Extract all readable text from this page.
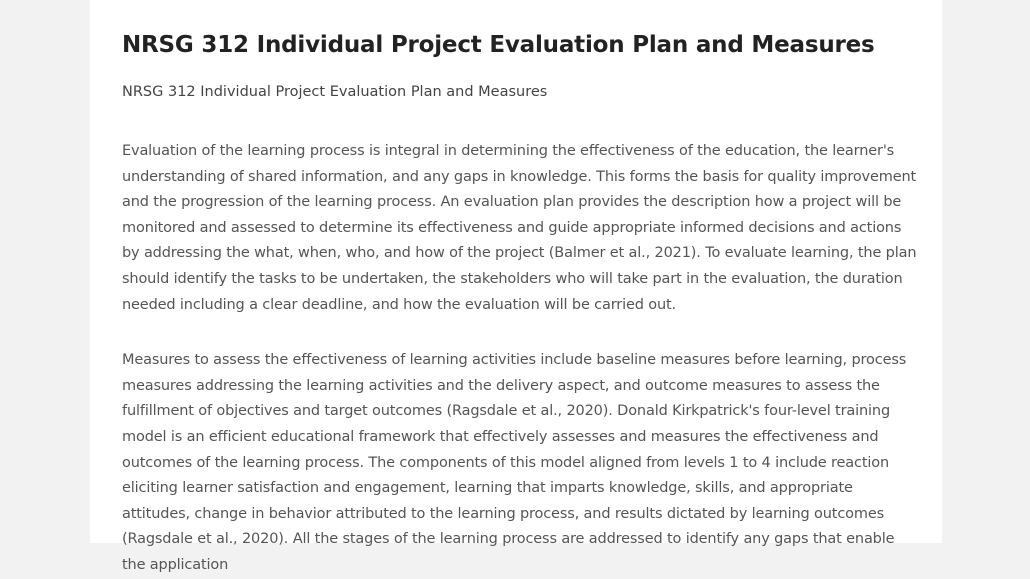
NRSG 312 Individual Project Evaluation Plan and Measures

NRSG 312 Individual Project Evaluation Plan and Measures

Evaluation of the learning process is integral in determining the effectiveness of the education, the learner's understanding of shared information, and any gaps in knowledge. This forms the basis for quality improvement and the progression of the learning process. An evaluation plan provides the description how a project will be monitored and assessed to determine its effectiveness and guide appropriate informed decisions and actions by addressing the what, when, who, and how of the project (Balmer et al., 2021). To evaluate learning, the plan should identify the tasks to be undertaken, the stakeholders who will take part in the evaluation, the duration needed including a clear deadline, and how the evaluation will be carried out.

Measures to assess the effectiveness of learning activities include baseline measures before learning, process measures addressing the learning activities and the delivery aspect, and outcome measures to assess the fulfillment of objectives and target outcomes (Ragsdale et al., 2020). Donald Kirkpatrick's four-level training model is an efficient educational framework that effectively assesses and measures the effectiveness and outcomes of the learning process. The components of this model aligned from levels 1 to 4 include reaction eliciting learner satisfaction and engagement, learning that imparts knowledge, skills, and appropriate attitudes, change in behavior attributed to the learning process, and results dictated by learning outcomes (Ragsdale et al., 2020). All the stages of the learning process are addressed to identify any gaps that enable the application
